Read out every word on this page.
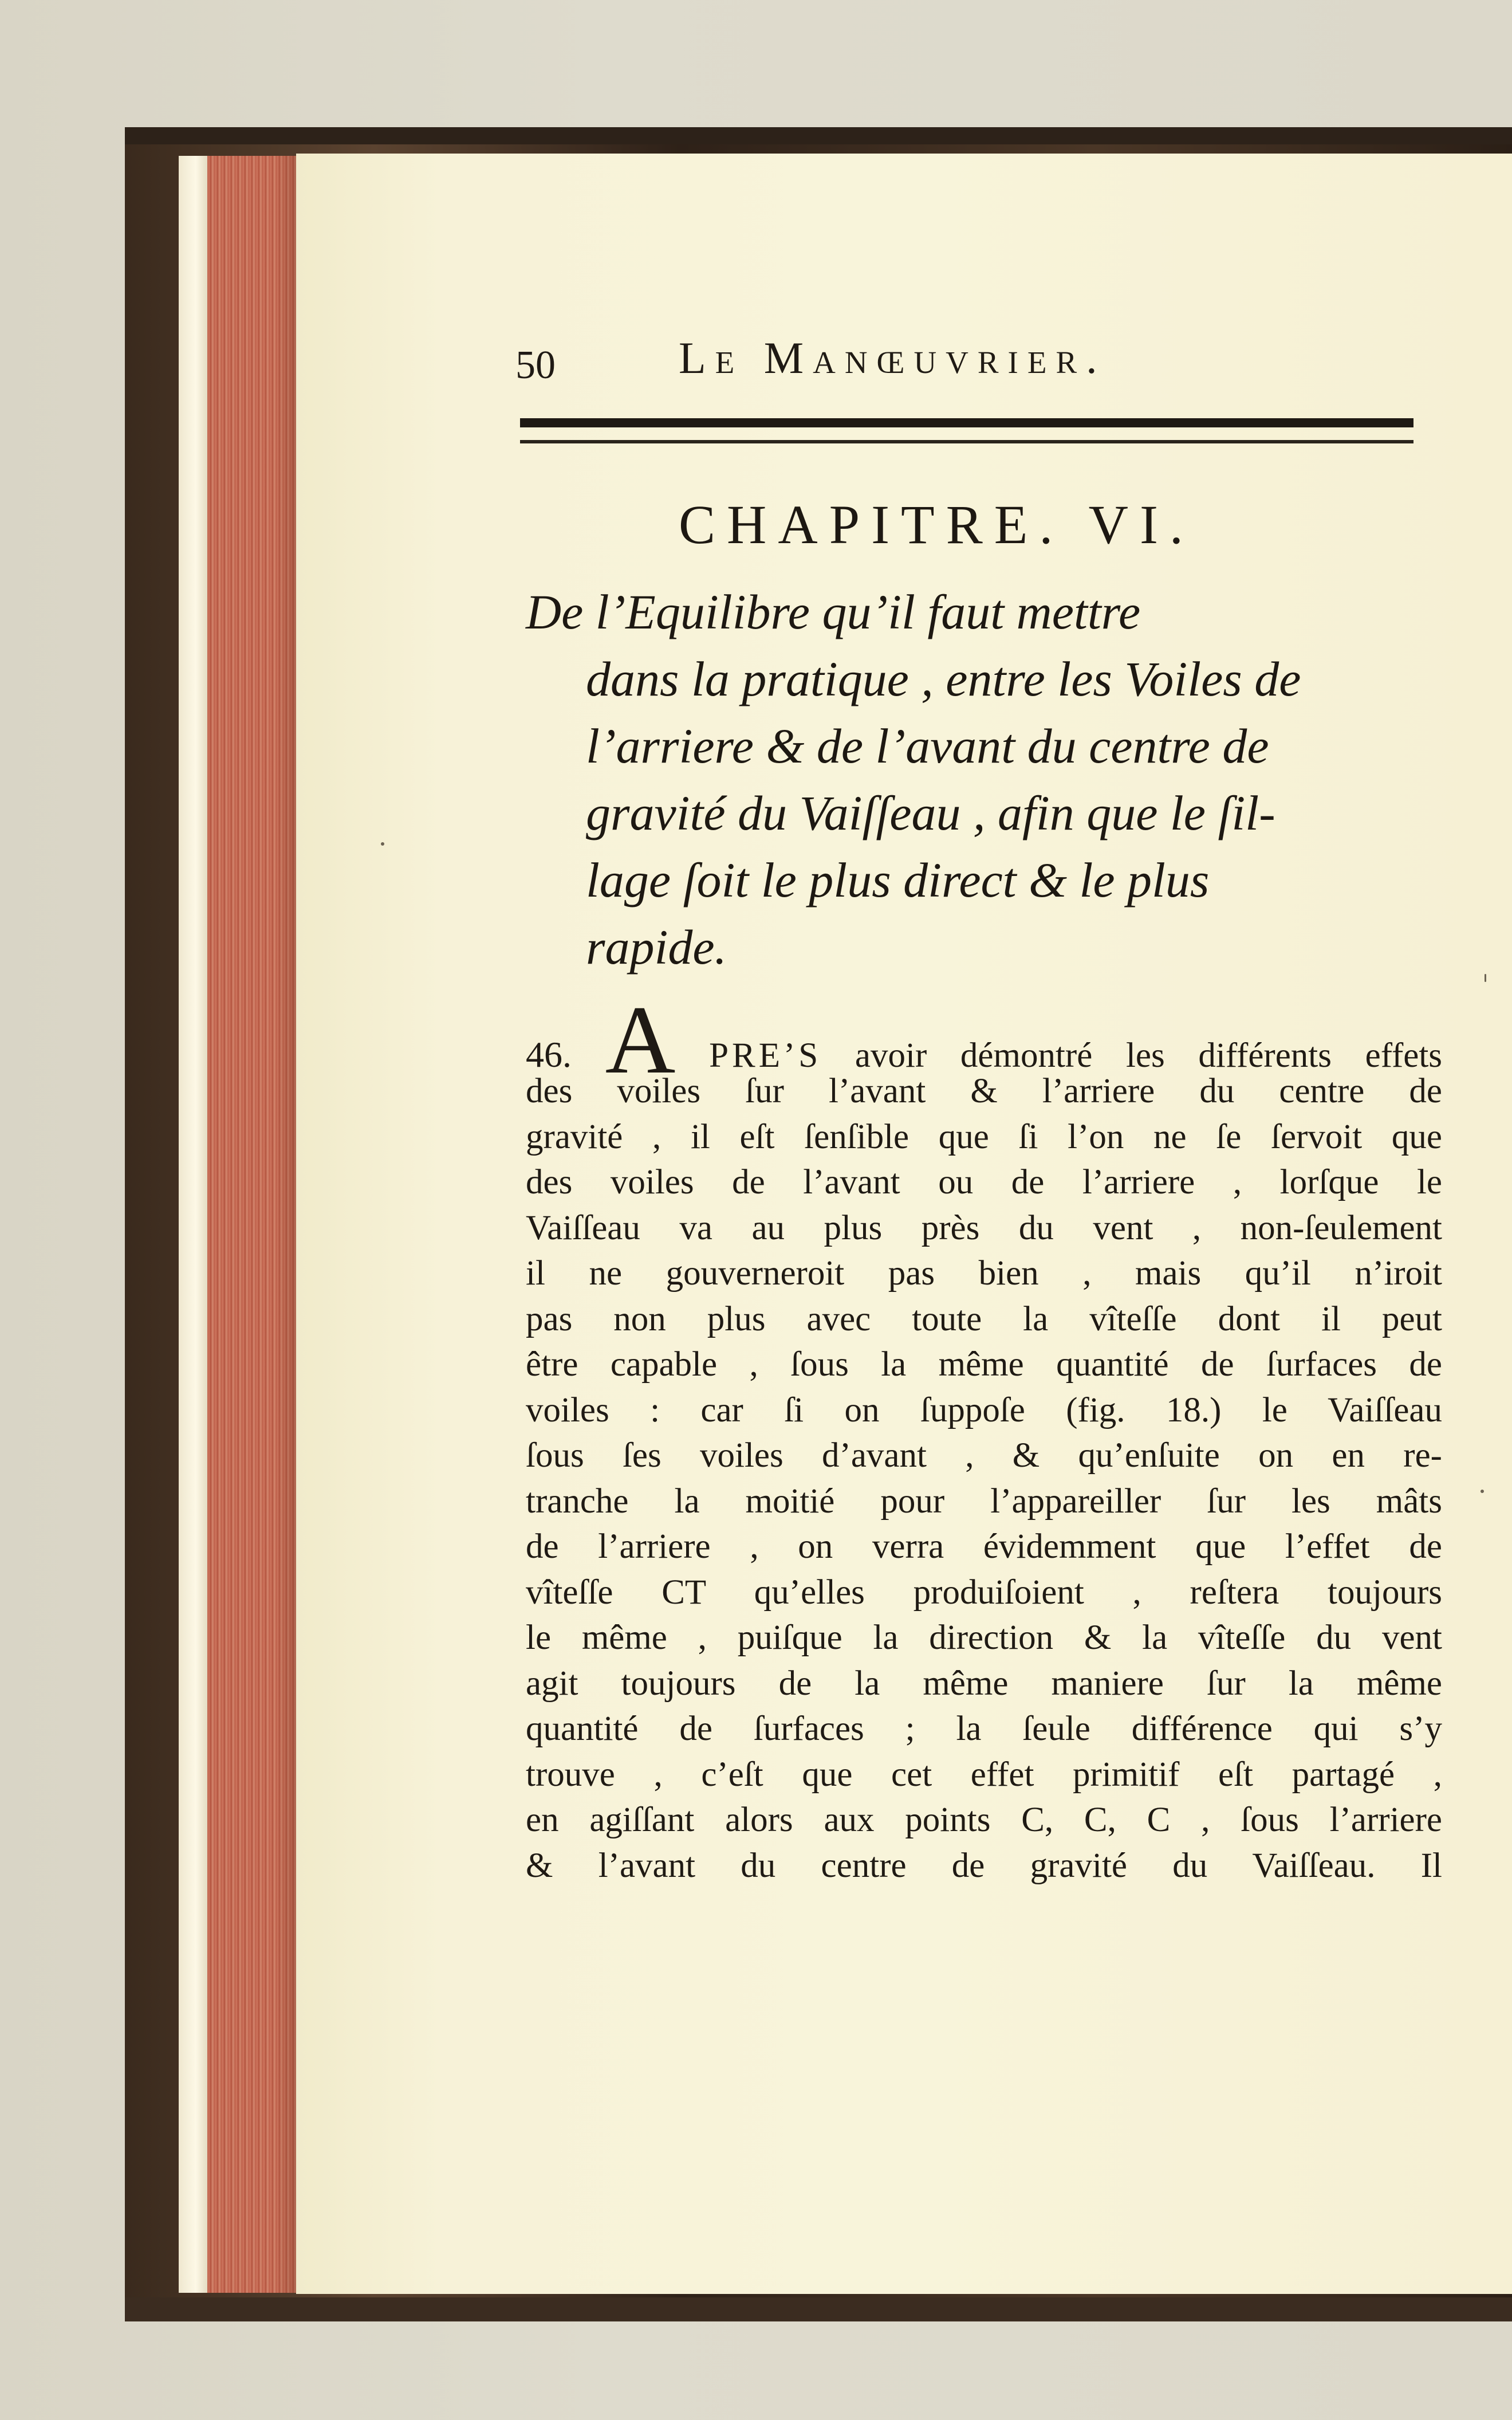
50	Le Manœuvrier.
CHAPITRE. VI.
De l’Equilibre qu’il faut mettre
dans la pratique , entre les Voiles de
l’arriere & de l’avant du centre de
gravité du Vaiſſeau , afin que le ſil-
lage ſoit le plus direct & le plus
rapide.
46. A PRE’S avoir démontré les différents effets
des voiles ſur l’avant & l’arriere du centre de
gravité , il eſt ſenſible que ſi l’on ne ſe ſervoit que
des voiles de l’avant ou de l’arriere , lorſque le
Vaiſſeau va au plus près du vent , non-ſeulement
il ne gouverneroit pas bien , mais qu’il n’iroit
pas non plus avec toute la vîteſſe dont il peut
être capable , ſous la même quantité de ſurfaces de
voiles : car ſi on ſuppoſe (fig. 18.) le Vaiſſeau
ſous ſes voiles d’avant , & qu’enſuite on en re-
tranche la moitié pour l’appareiller ſur les mâts
de l’arriere , on verra évidemment que l’effet de
vîteſſe CT qu’elles produiſoient , reſtera toujours
le même , puiſque la direction & la vîteſſe du vent
agit toujours de la même maniere ſur la même
quantité de ſurfaces ; la ſeule différence qui s’y
trouve , c’eſt que cet effet primitif eſt partagé ,
en agiſſant alors aux points C, C, C , ſous l’arriere
& l’avant du centre de gravité du Vaiſſeau. Il
